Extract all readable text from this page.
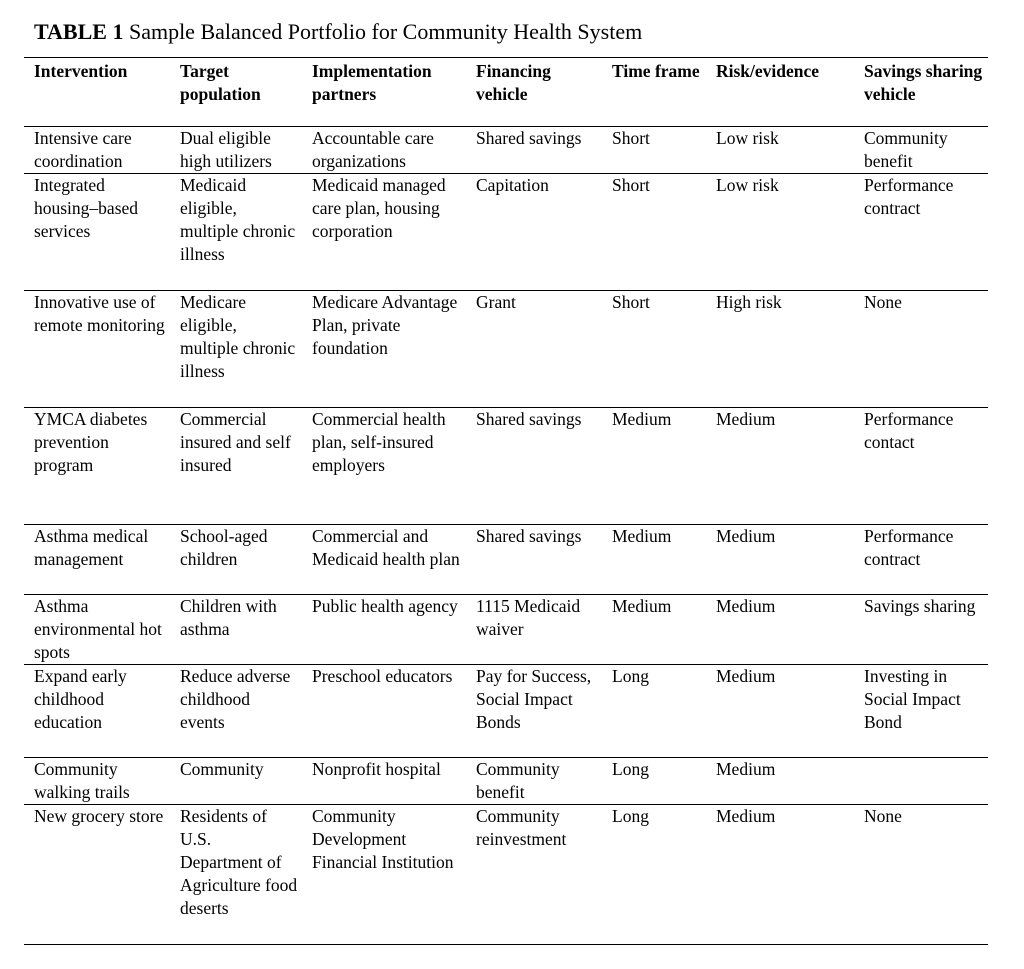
TABLE 1 Sample Balanced Portfolio for Community Health System
Intervention	Target population	Implementation partners	Financing vehicle	Time frame	Risk/evidence	Savings sharing vehicle
Intensive care coordination	Dual eligible high utilizers	Accountable care organizations	Shared savings	Short	Low risk	Community benefit
Integrated housing–based services	Medicaid eligible, multiple chronic illness	Medicaid managed care plan, housing corporation	Capitation	Short	Low risk	Performance contract
Innovative use of remote monitoring	Medicare eligible, multiple chronic illness	Medicare Advantage Plan, private foundation	Grant	Short	High risk	None
YMCA diabetes prevention program	Commercial insured and self insured	Commercial health plan, self-insured employers	Shared savings	Medium	Medium	Performance contact
Asthma medical management	School-aged children	Commercial and Medicaid health plan	Shared savings	Medium	Medium	Performance contract
Asthma environmental hot spots	Children with asthma	Public health agency	1115 Medicaid waiver	Medium	Medium	Savings sharing
Expand early childhood education	Reduce adverse childhood events	Preschool educators	Pay for Success, Social Impact Bonds	Long	Medium	Investing in Social Impact Bond
Community walking trails	Community	Nonprofit hospital	Community benefit	Long	Medium	
New grocery store	Residents of U.S. Department of Agriculture food deserts	Community Development Financial Institution	Community reinvestment	Long	Medium	None
